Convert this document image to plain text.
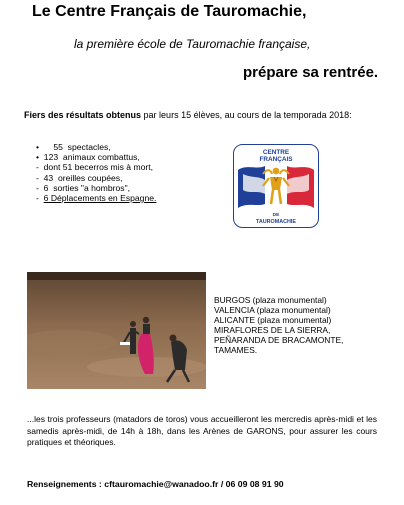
Le Centre Français de Tauromachie,
la première école de Tauromachie française,
prépare sa rentrée.
Fiers des résultats obtenus par leurs 15 élèves, au cours de la temporada 2018:
• 55  spectacles,
• 123  animaux combattus,
- dont 51 becerros mis à mort,
- 43  oreilles coupées,
- 6  sorties "a hombros",
- 6 Déplacements en Espagne.
CENTRE
FRANÇAIS
DE
TAUROMACHIE
BURGOS (plaza monumental)
VALENCIA (plaza monumental)
ALICANTE (plaza monumental)
MIRAFLORES DE LA SIERRA,
PEÑARANDA DE BRACAMONTE,
TAMAMES.
...les trois professeurs (matadors de toros) vous accueilleront les mercredis après-midi et les samedis après-midi, de 14h à 18h, dans les Arènes de GARONS, pour assurer les cours pratiques et théoriques.
Renseignements : cftauromachie@wanadoo.fr / 06 09 08 91 90
